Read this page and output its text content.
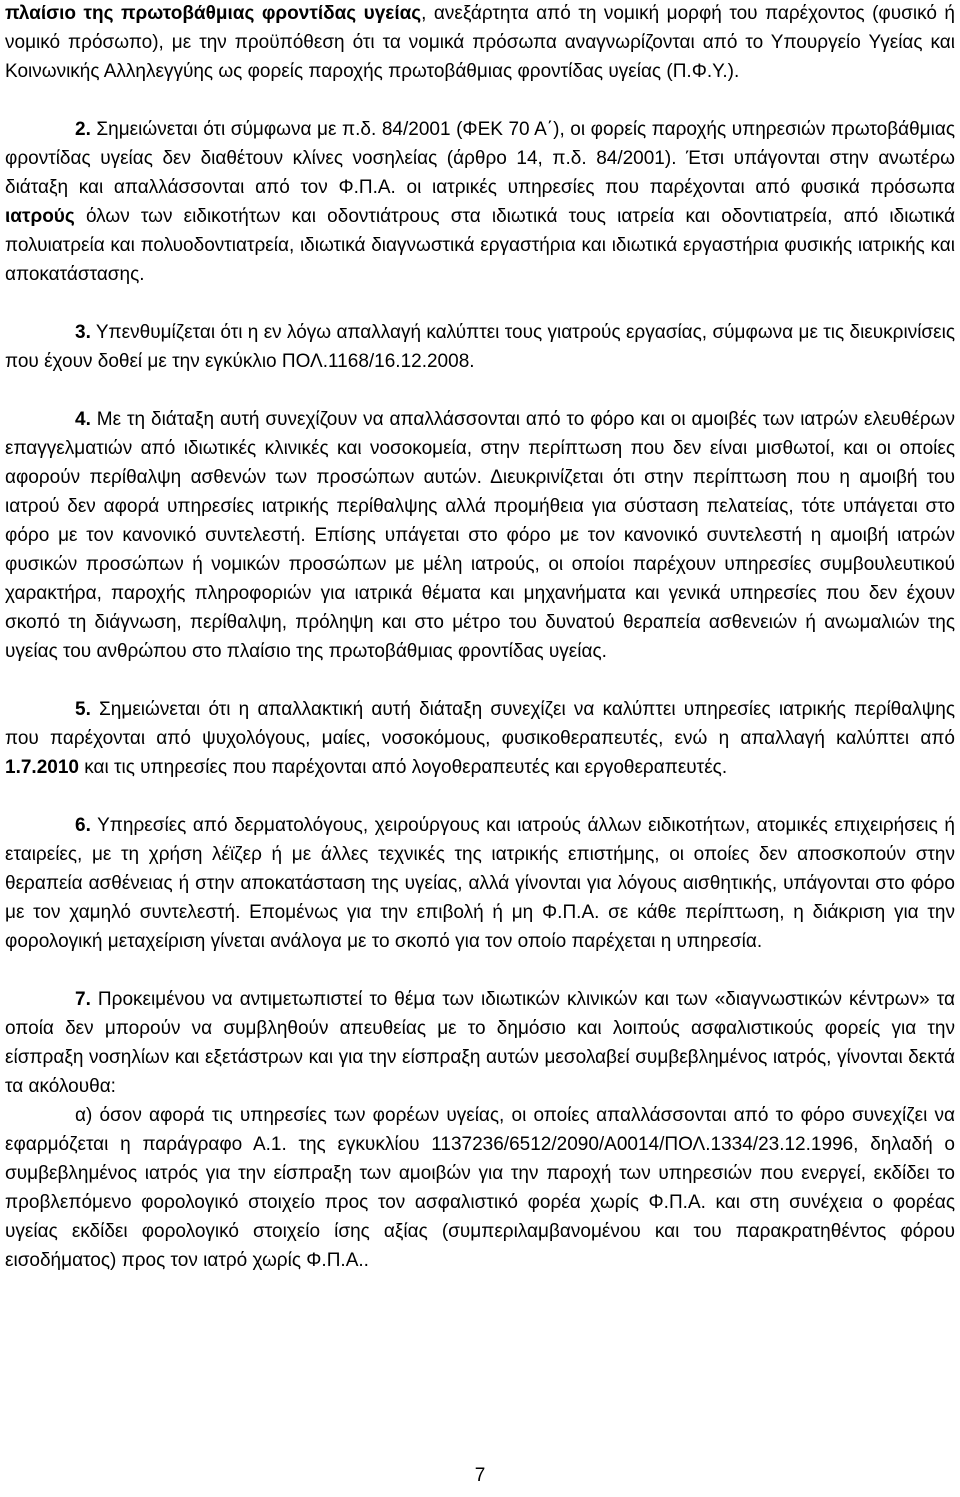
πλαίσιο της πρωτοβάθμιας φροντίδας υγείας, ανεξάρτητα από τη νομική μορφή του παρέχοντος (φυσικό ή νομικό πρόσωπο), με την προϋπόθεση ότι τα νομικά πρόσωπα αναγνωρίζονται από το Υπουργείο Υγείας και Κοινωνικής Αλληλεγγύης ως φορείς παροχής πρωτοβάθμιας φροντίδας υγείας (Π.Φ.Υ.).

2. Σημειώνεται ότι σύμφωνα με π.δ. 84/2001 (ΦΕΚ 70 Α΄), οι φορείς παροχής υπηρεσιών πρωτοβάθμιας φροντίδας υγείας δεν διαθέτουν κλίνες νοσηλείας (άρθρο 14, π.δ. 84/2001). Έτσι υπάγονται στην ανωτέρω διάταξη και απαλλάσσονται από τον Φ.Π.Α. οι ιατρικές υπηρεσίες που παρέχονται από φυσικά πρόσωπα ιατρούς όλων των ειδικοτήτων και οδοντιάτρους στα ιδιωτικά τους ιατρεία και οδοντιατρεία, από ιδιωτικά πολυιατρεία και πολυοδοντιατρεία, ιδιωτικά διαγνωστικά εργαστήρια και ιδιωτικά εργαστήρια φυσικής ιατρικής και αποκατάστασης.

3. Υπενθυμίζεται ότι η εν λόγω απαλλαγή καλύπτει τους γιατρούς εργασίας, σύμφωνα με τις διευκρινίσεις που έχουν δοθεί με την εγκύκλιο ΠΟΛ.1168/16.12.2008.

4. Με τη διάταξη αυτή συνεχίζουν να απαλλάσσονται από το φόρο και οι αμοιβές των ιατρών ελευθέρων επαγγελματιών από ιδιωτικές κλινικές και νοσοκομεία, στην περίπτωση που δεν είναι μισθωτοί, και οι οποίες αφορούν περίθαλψη ασθενών των προσώπων αυτών. Διευκρινίζεται ότι στην περίπτωση που η αμοιβή του ιατρού δεν αφορά υπηρεσίες ιατρικής περίθαλψης αλλά προμήθεια για σύσταση πελατείας, τότε υπάγεται στο φόρο με τον κανονικό συντελεστή. Επίσης υπάγεται στο φόρο με τον κανονικό συντελεστή η αμοιβή ιατρών φυσικών προσώπων ή νομικών προσώπων με μέλη ιατρούς, οι οποίοι παρέχουν υπηρεσίες συμβουλευτικού χαρακτήρα, παροχής πληροφοριών για ιατρικά θέματα και μηχανήματα και γενικά υπηρεσίες που δεν έχουν σκοπό τη διάγνωση, περίθαλψη, πρόληψη και στο μέτρο του δυνατού θεραπεία ασθενειών ή ανωμαλιών της υγείας του ανθρώπου στο πλαίσιο της πρωτοβάθμιας φροντίδας υγείας.

5. Σημειώνεται ότι η απαλλακτική αυτή διάταξη συνεχίζει να καλύπτει υπηρεσίες ιατρικής περίθαλψης που παρέχονται από ψυχολόγους, μαίες, νοσοκόμους, φυσικοθεραπευτές, ενώ η απαλλαγή καλύπτει από 1.7.2010 και τις υπηρεσίες που παρέχονται από λογοθεραπευτές και εργοθεραπευτές.

6. Υπηρεσίες από δερματολόγους, χειρούργους και ιατρούς άλλων ειδικοτήτων, ατομικές επιχειρήσεις ή εταιρείες, με τη χρήση λέϊζερ ή με άλλες τεχνικές της ιατρικής επιστήμης, οι οποίες δεν αποσκοπούν στην θεραπεία ασθένειας ή στην αποκατάσταση της υγείας, αλλά γίνονται για λόγους αισθητικής, υπάγονται στο φόρο με τον χαμηλό συντελεστή. Επομένως για την επιβολή ή μη Φ.Π.Α. σε κάθε περίπτωση, η διάκριση για την φορολογική μεταχείριση γίνεται ανάλογα με το σκοπό για τον οποίο παρέχεται η υπηρεσία.

7. Προκειμένου να αντιμετωπιστεί το θέμα των ιδιωτικών κλινικών και των «διαγνωστικών κέντρων» τα οποία δεν μπορούν να συμβληθούν απευθείας με το δημόσιο και λοιπούς ασφαλιστικούς φορείς για την είσπραξη νοσηλίων και εξετάστρων και για την είσπραξη αυτών μεσολαβεί συμβεβλημένος ιατρός, γίνονται δεκτά τα ακόλουθα:

α) όσον αφορά τις υπηρεσίες των φορέων υγείας, οι οποίες απαλλάσσονται από το φόρο συνεχίζει να εφαρμόζεται η παράγραφο Α.1. της εγκυκλίου 1137236/6512/2090/Α0014/ΠΟΛ.1334/23.12.1996, δηλαδή ο συμβεβλημένος ιατρός για την είσπραξη των αμοιβών για την παροχή των υπηρεσιών που ενεργεί, εκδίδει το προβλεπόμενο φορολογικό στοιχείο προς τον ασφαλιστικό φορέα χωρίς Φ.Π.Α. και στη συνέχεια ο φορέας υγείας εκδίδει φορολογικό στοιχείο ίσης αξίας (συμπεριλαμβανομένου και του παρακρατηθέντος φόρου εισοδήματος) προς τον ιατρό χωρίς Φ.Π.Α..

7
